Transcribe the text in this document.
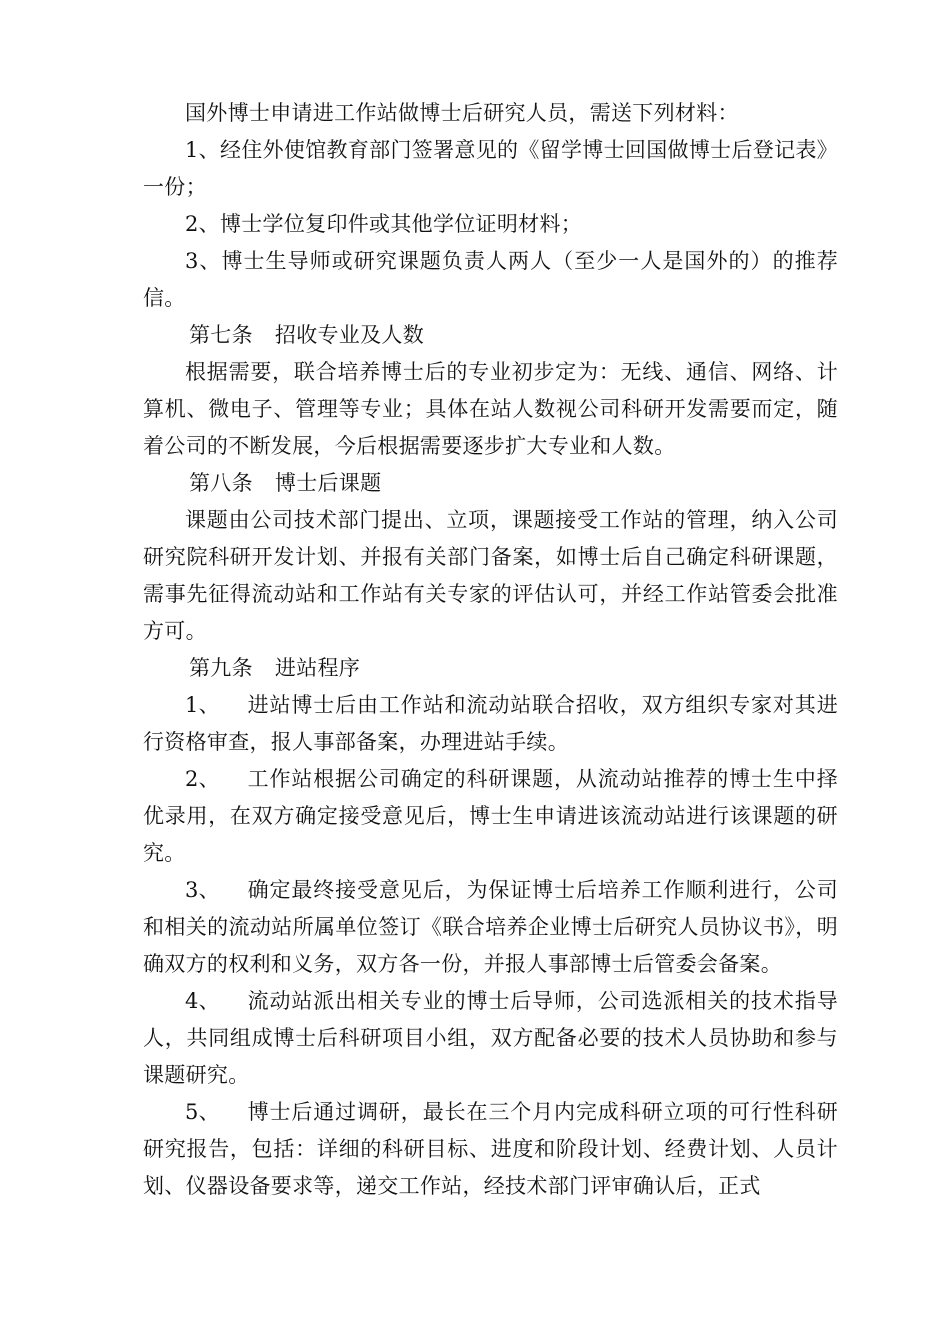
国外博士申请进工作站做博士后研究人员，需送下列材料：

1、经住外使馆教育部门签署意见的《留学博士回国做博士后登记表》一份；

2、博士学位复印件或其他学位证明材料；

3、博士生导师或研究课题负责人两人（至少一人是国外的）的推荐信。

第七条 招收专业及人数

根据需要，联合培养博士后的专业初步定为：无线、通信、网络、计算机、微电子、管理等专业；具体在站人数视公司科研开发需要而定，随着公司的不断发展，今后根据需要逐步扩大专业和人数。

第八条 博士后课题

课题由公司技术部门提出、立项，课题接受工作站的管理，纳入公司研究院科研开发计划、并报有关部门备案，如博士后自己确定科研课题，需事先征得流动站和工作站有关专家的评估认可，并经工作站管委会批准方可。

第九条 进站程序

1、 进站博士后由工作站和流动站联合招收，双方组织专家对其进行资格审查，报人事部备案，办理进站手续。

2、 工作站根据公司确定的科研课题，从流动站推荐的博士生中择优录用，在双方确定接受意见后，博士生申请进该流动站进行该课题的研究。

3、 确定最终接受意见后，为保证博士后培养工作顺利进行，公司和相关的流动站所属单位签订《联合培养企业博士后研究人员协议书》，明确双方的权利和义务，双方各一份，并报人事部博士后管委会备案。

4、 流动站派出相关专业的博士后导师，公司选派相关的技术指导人，共同组成博士后科研项目小组，双方配备必要的技术人员协助和参与课题研究。

5、 博士后通过调研，最长在三个月内完成科研立项的可行性科研研究报告，包括：详细的科研目标、进度和阶段计划、经费计划、人员计划、仪器设备要求等，递交工作站，经技术部门评审确认后，正式
